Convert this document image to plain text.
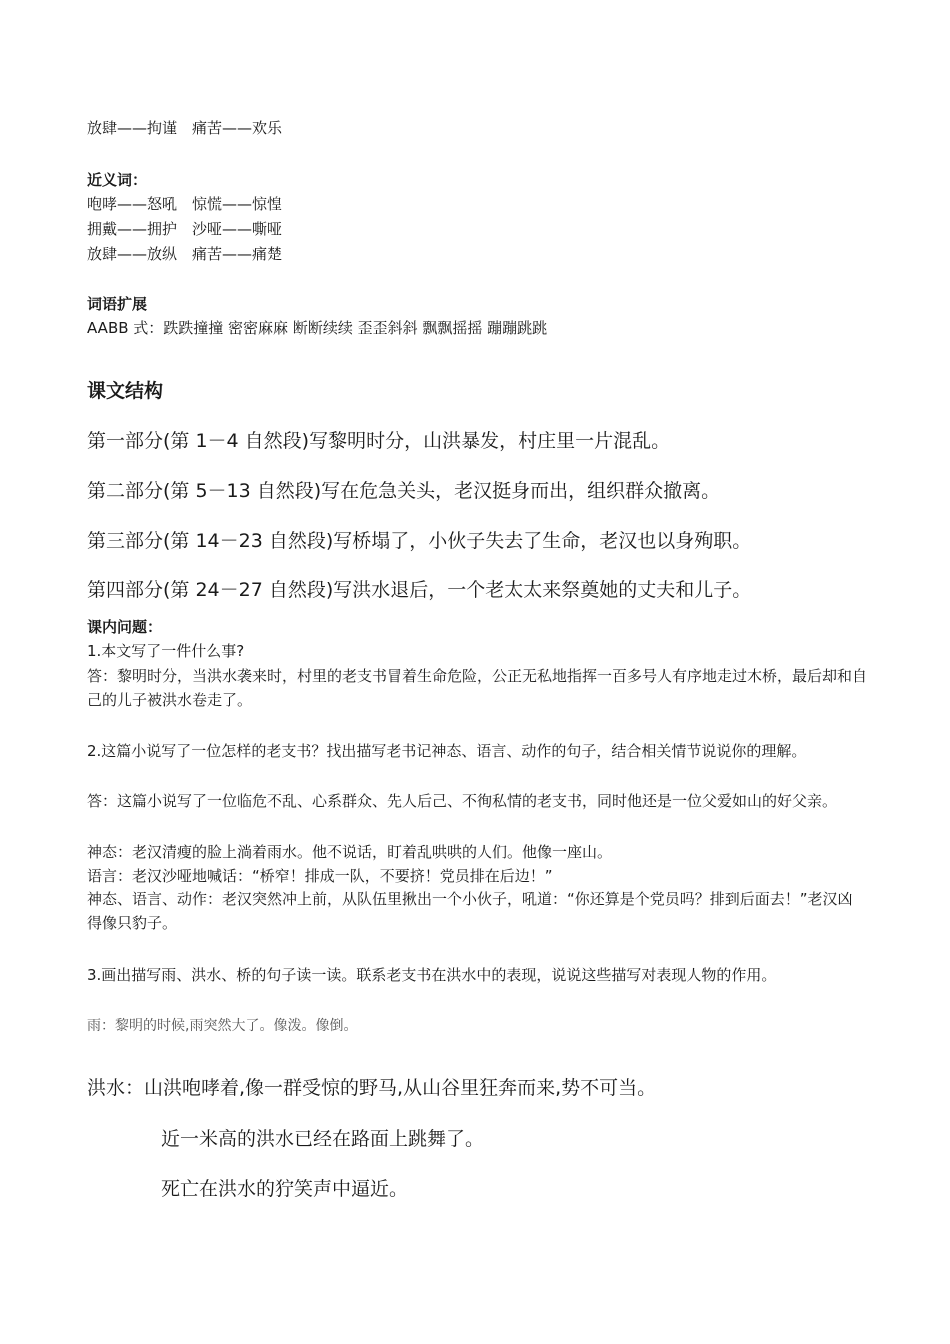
放肆——拘谨　痛苦——欢乐
近义词：
咆哮——怒吼　惊慌——惊惶
拥戴——拥护　沙哑——嘶哑
放肆——放纵　痛苦——痛楚
词语扩展
AABB 式：跌跌撞撞 密密麻麻 断断续续 歪歪斜斜 飘飘摇摇 蹦蹦跳跳
课文结构
第一部分(第 1－4 自然段)写黎明时分，山洪暴发，村庄里一片混乱。
第二部分(第 5－13 自然段)写在危急关头，老汉挺身而出，组织群众撤离。
第三部分(第 14－23 自然段)写桥塌了，小伙子失去了生命，老汉也以身殉职。
第四部分(第 24－27 自然段)写洪水退后，一个老太太来祭奠她的丈夫和儿子。
课内问题：
1.本文写了一件什么事?
答：黎明时分，当洪水袭来时，村里的老支书冒着生命危险，公正无私地指挥一百多号人有序地走过木桥，最后却和自己的儿子被洪水卷走了。
2.这篇小说写了一位怎样的老支书？找出描写老书记神态、语言、动作的句子，结合相关情节说说你的理解。
答：这篇小说写了一位临危不乱、心系群众、先人后己、不徇私情的老支书，同时他还是一位父爱如山的好父亲。
神态：老汉清瘦的脸上淌着雨水。他不说话，盯着乱哄哄的人们。他像一座山。
语言：老汉沙哑地喊话：“桥窄！排成一队，不要挤！党员排在后边！”
神态、语言、动作：老汉突然冲上前，从队伍里揪出一个小伙子，吼道：“你还算是个党员吗？排到后面去！”老汉凶得像只豹子。
3.画出描写雨、洪水、桥的句子读一读。联系老支书在洪水中的表现，说说这些描写对表现人物的作用。
雨：黎明的时候,雨突然大了。像泼。像倒。
洪水：山洪咆哮着,像一群受惊的野马,从山谷里狂奔而来,势不可当。
近一米高的洪水已经在路面上跳舞了。
死亡在洪水的狞笑声中逼近。
